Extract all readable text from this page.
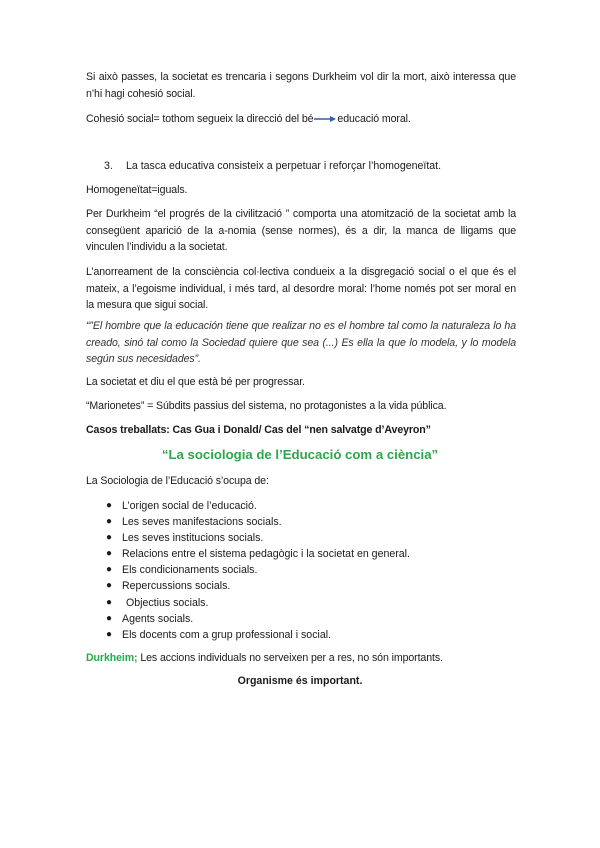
Si això passes, la societat es trencaria i segons Durkheim vol dir la mort, això interessa que n’hi hagi cohesió social.
Cohesió social= tothom segueix la direcció del bé educació moral.
3. La tasca educativa consisteix a perpetuar i reforçar l’homogeneïtat.
Homogeneïtat=iguals.
Per Durkheim “el progrés de la civilització ” comporta una atomització de la societat amb la consegüent aparició de la a-nomia (sense normes), és a dir, la manca de lligams que vinculen l’individu a la societat.
L’anorreament de la consciència col·lectiva condueix a la disgregació social o el que és el mateix, a l’egoisme individual, i més tard, al desordre moral: l’home només pot ser moral en la mesura que sigui social.
“”El hombre que la educación tiene que realizar no es el hombre tal como la naturaleza lo ha creado, sinó tal como la Sociedad quiere que sea (...) Es ella la que lo modela, y lo modela según sus necesidades”.
La societat et diu el que està bé per progressar.
“Marionetes” = Súbdits passius del sistema, no protagonistes a la vida pública.
Casos treballats: Cas Gua i Donald/ Cas del “nen salvatge d’Aveyron”
“La sociologia de l’Educació com a ciència”
La Sociologia de l’Educació s’ocupa de:
● L’origen social de l’educació.
● Les seves manifestacions socials.
● Les seves institucions socials.
● Relacions entre el sistema pedagògic i la societat en general.
● Els condicionaments socials.
● Repercussions socials.
● Objectius socials.
● Agents socials.
● Els docents com a grup professional i social.
Durkheim; Les accions individuals no serveixen per a res, no són importants.
Organisme és important.
